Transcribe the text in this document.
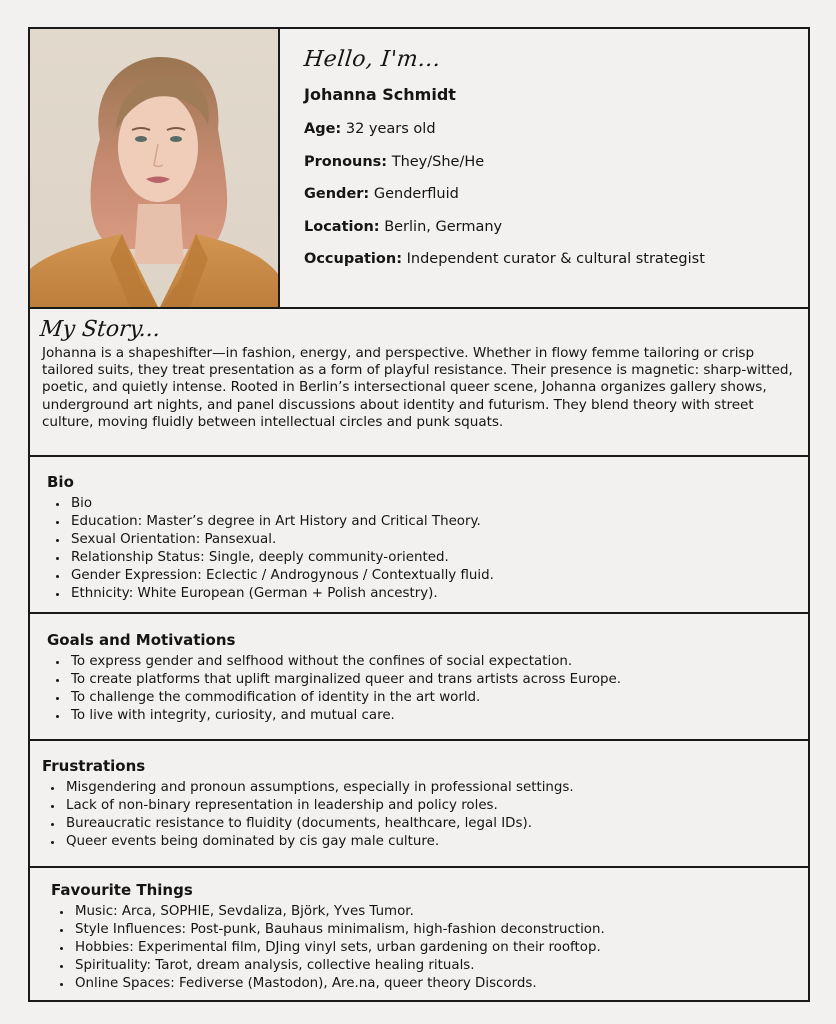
Hello, I'm...
Johanna Schmidt
Age: 32 years old
Pronouns: They/She/He
Gender: Genderfluid
Location: Berlin, Germany
Occupation: Independent curator & cultural strategist
My Story...
Johanna is a shapeshifter—in fashion, energy, and perspective. Whether in flowy femme tailoring or crisp tailored suits, they treat presentation as a form of playful resistance. Their presence is magnetic: sharp-witted, poetic, and quietly intense. Rooted in Berlin’s intersectional queer scene, Johanna organizes gallery shows, underground art nights, and panel discussions about identity and futurism. They blend theory with street culture, moving fluidly between intellectual circles and punk squats.
Bio
Bio
Education: Master’s degree in Art History and Critical Theory.
Sexual Orientation: Pansexual.
Relationship Status: Single, deeply community-oriented.
Gender Expression: Eclectic / Androgynous / Contextually fluid.
Ethnicity: White European (German + Polish ancestry).
Goals and Motivations
To express gender and selfhood without the confines of social expectation.
To create platforms that uplift marginalized queer and trans artists across Europe.
To challenge the commodification of identity in the art world.
To live with integrity, curiosity, and mutual care.
Frustrations
Misgendering and pronoun assumptions, especially in professional settings.
Lack of non-binary representation in leadership and policy roles.
Bureaucratic resistance to fluidity (documents, healthcare, legal IDs).
Queer events being dominated by cis gay male culture.
Favourite Things
Music: Arca, SOPHIE, Sevdaliza, Björk, Yves Tumor.
Style Influences: Post-punk, Bauhaus minimalism, high-fashion deconstruction.
Hobbies: Experimental film, DJing vinyl sets, urban gardening on their rooftop.
Spirituality: Tarot, dream analysis, collective healing rituals.
Online Spaces: Fediverse (Mastodon), Are.na, queer theory Discords.
